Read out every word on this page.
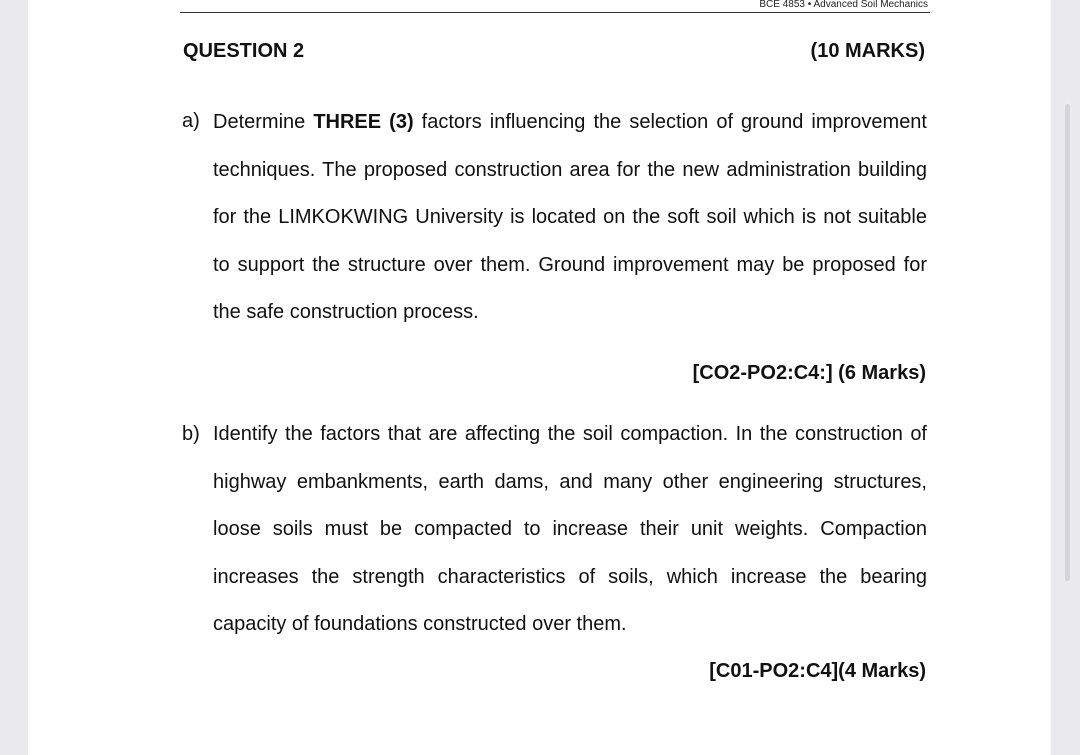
BCE 4853 • Advanced Soil Mechanics
QUESTION 2	(10 MARKS)
a) Determine THREE (3) factors influencing the selection of ground improvement techniques. The proposed construction area for the new administration building for the LIMKOKWING University is located on the soft soil which is not suitable to support the structure over them. Ground improvement may be proposed for the safe construction process.

[CO2-PO2:C4:] (6 Marks)
b) Identify the factors that are affecting the soil compaction. In the construction of highway embankments, earth dams, and many other engineering structures, loose soils must be compacted to increase their unit weights. Compaction increases the strength characteristics of soils, which increase the bearing capacity of foundations constructed over them.

[C01-PO2:C4](4 Marks)
